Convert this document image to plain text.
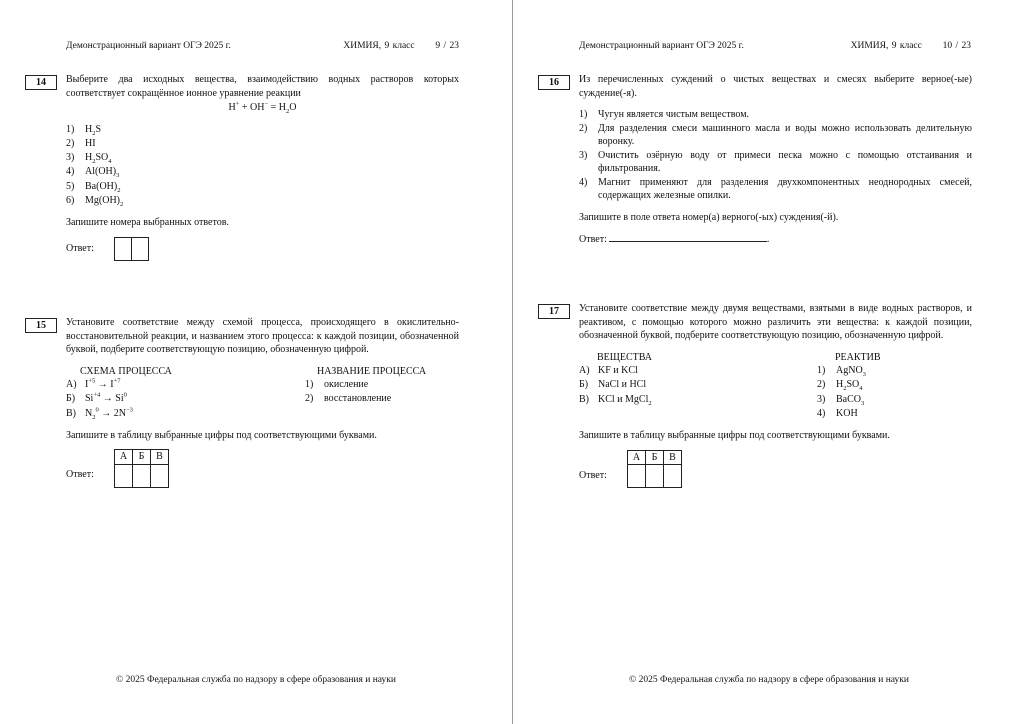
Демонстрационный вариант ОГЭ 2025 г.	ХИМИЯ, 9 класс 9 / 23
14	Выберите два исходных вещества, взаимодействию водных растворов которых соответствует сокращённое ионное уравнение реакции
$H^+ + OH^- = H_2O$
1)	$H_2S$
2)	HI
3)	$H_2SO_4$
4)	$Al(OH)_3$
5)	$Ba(OH)_2$
6)	$Mg(OH)_2$
Запишите номера выбранных ответов.
Ответ:
15	Установите соответствие между схемой процесса, происходящего в окислительно-восстановительной реакции, и названием этого процесса: к каждой позиции, обозначенной буквой, подберите соответствующую позицию, обозначенную цифрой.
СХЕМА ПРОЦЕССА
А) $I^{+5} \to I^{+7}$
Б) $Si^{+4} \to Si^0$
В) $N_2^0 \to 2N^{-3}$
НАЗВАНИЕ ПРОЦЕССА
1)	окисление
2)	восстановление
Запишите в таблицу выбранные цифры под соответствующими буквами.
Ответ:
А	Б	В

© 2025 Федеральная служба по надзору в сфере образования и науки
Демонстрационный вариант ОГЭ 2025 г.	ХИМИЯ, 9 класс 10 / 23
16	Из перечисленных суждений о чистых веществах и смесях выберите верное(-ые) суждение(-я).
1)	Чугун является чистым веществом.
2)	Для разделения смеси машинного масла и воды можно использовать делительную воронку.
3)	Очистить озёрную воду от примеси песка можно с помощью отстаивания и фильтрования.
4)	Магнит применяют для разделения двухкомпонентных неоднородных смесей, содержащих железные опилки.
Запишите в поле ответа номер(а) верного(-ых) суждения(-й).
Ответ:	.
17	Установите соответствие между двумя веществами, взятыми в виде водных растворов, и реактивом, с помощью которого можно различить эти вещества: к каждой позиции, обозначенной буквой, подберите соответствующую позицию, обозначенную цифрой.
ВЕЩЕСТВА
А) KF и KCl
Б) NaCl и HCl
В) KCl и MgCl$_2$
РЕАКТИВ
1)	AgNO$_3$
2)	$H_2SO_4$
3)	BaCO$_3$
4)	KOH
Запишите в таблицу выбранные цифры под соответствующими буквами.
Ответ:
А	Б	В

© 2025 Федеральная служба по надзору в сфере образования и науки
